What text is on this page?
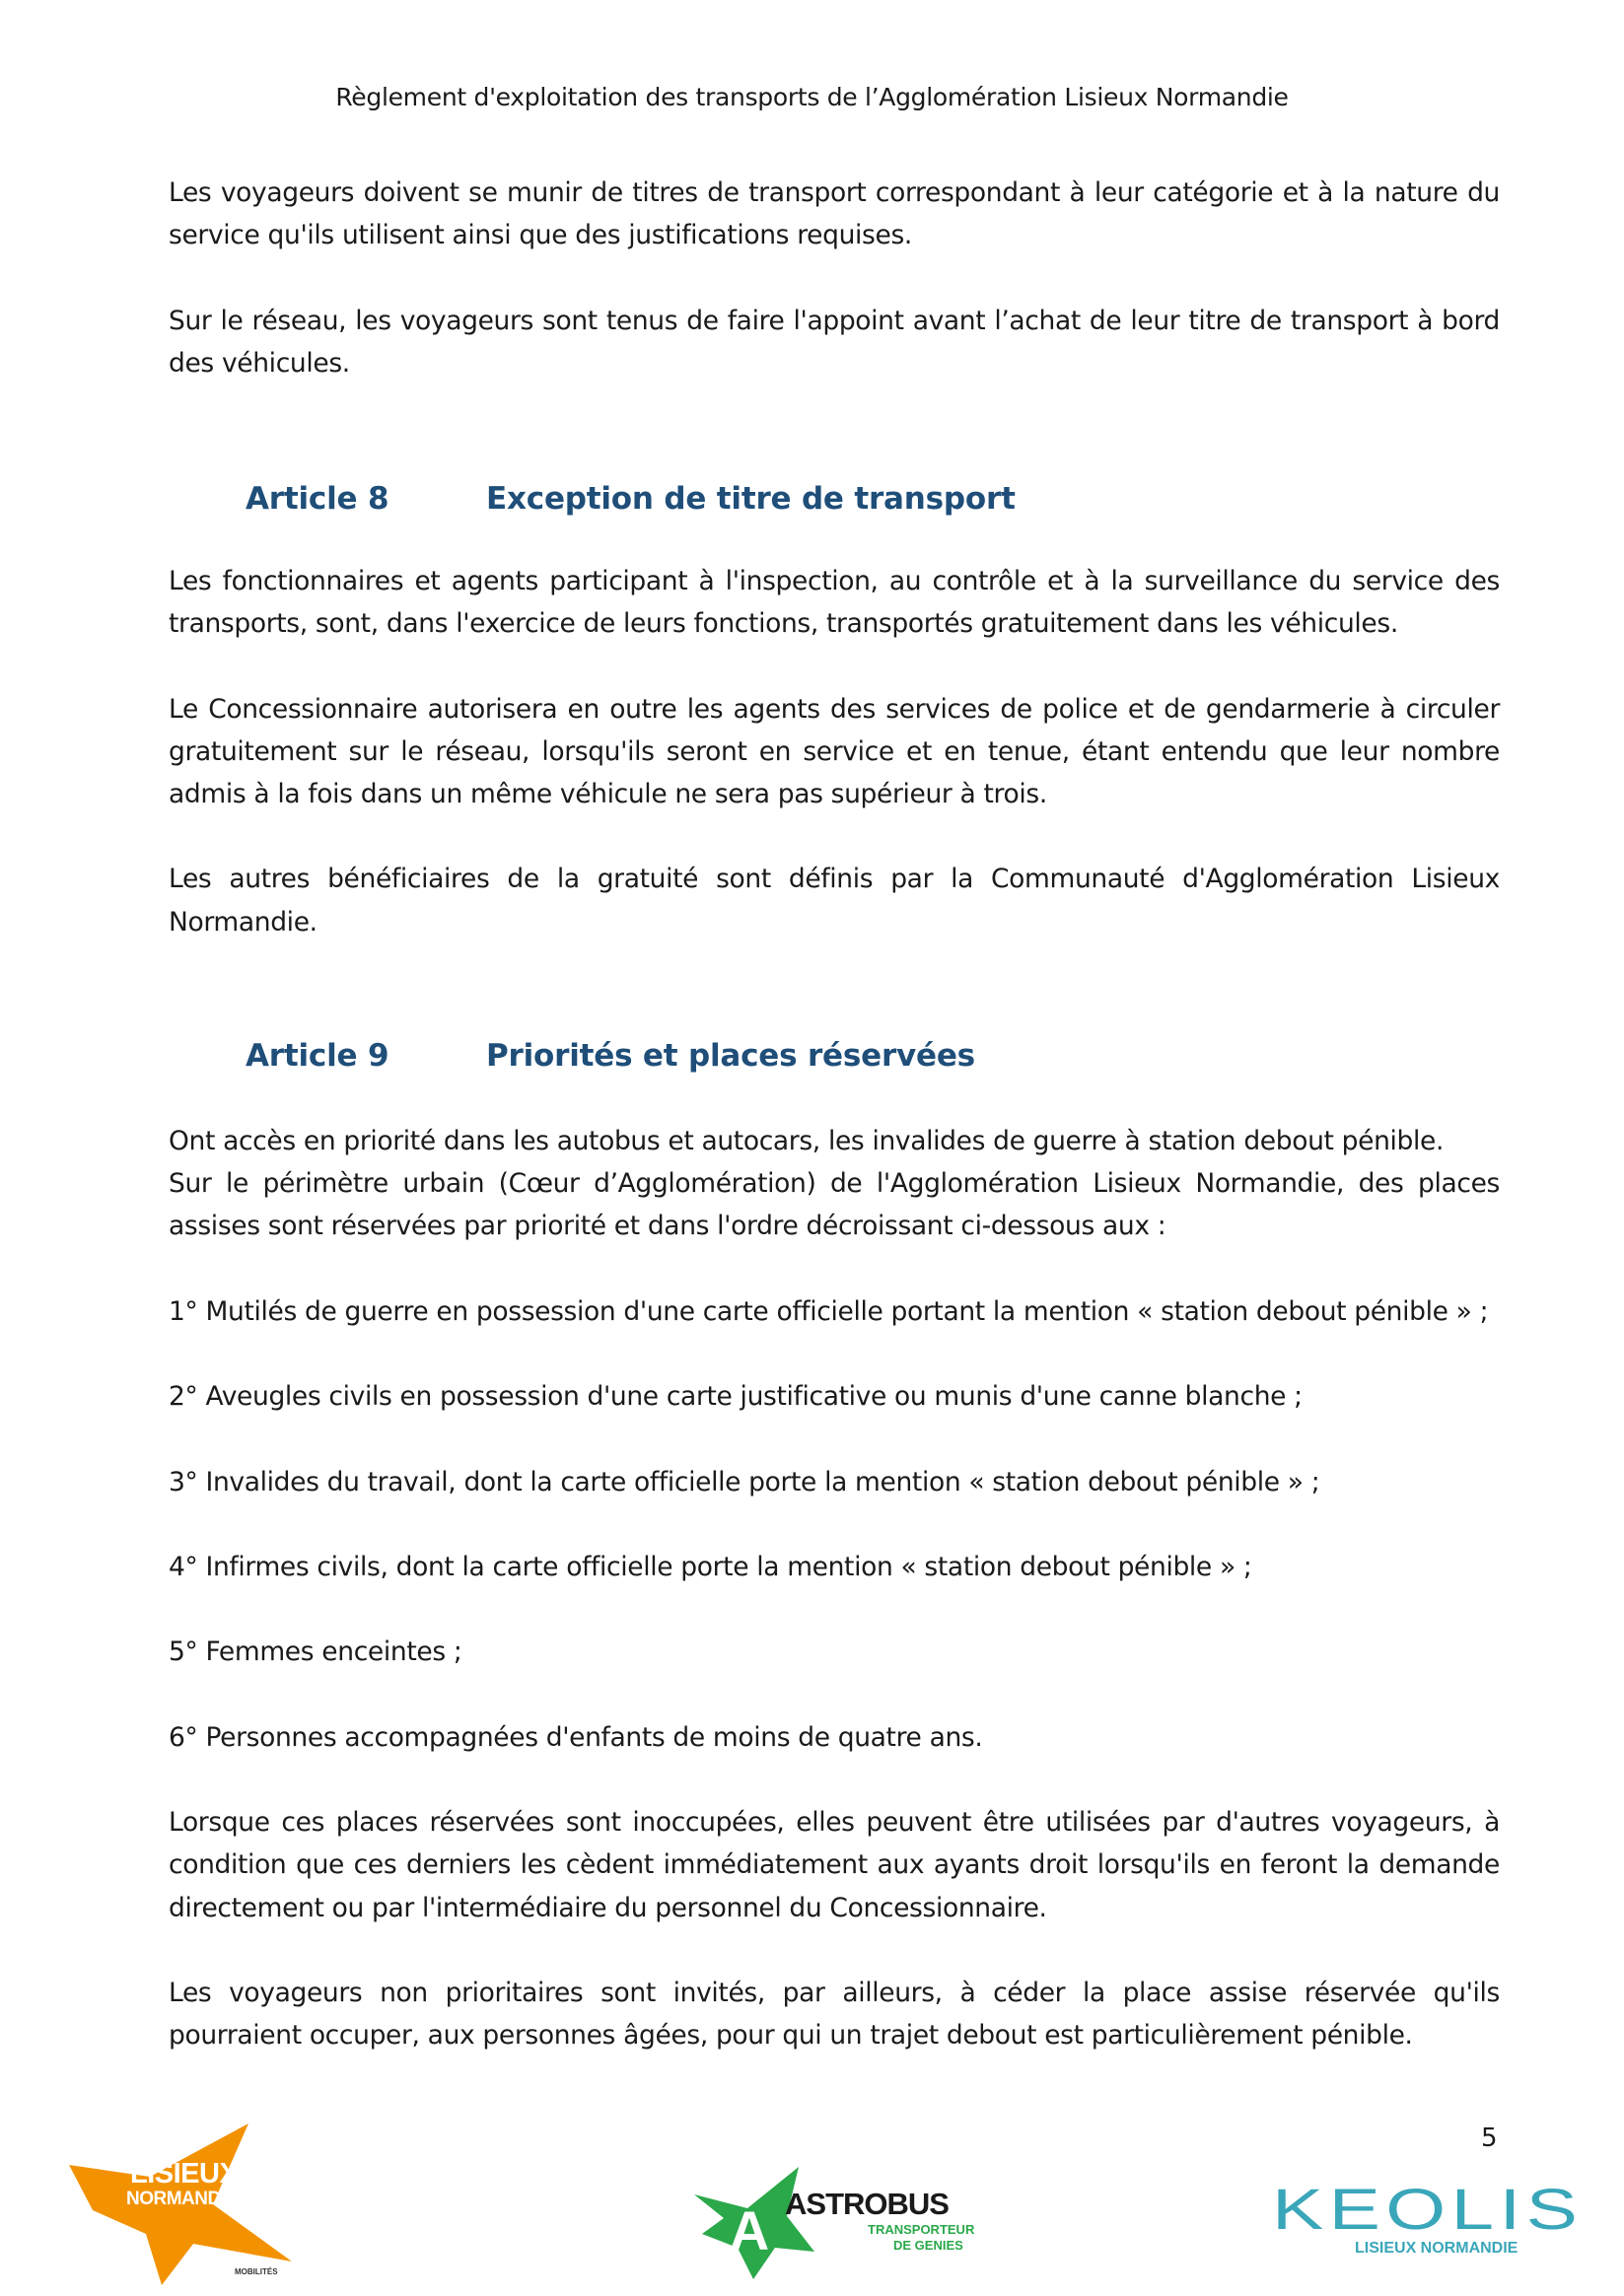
Règlement d'exploitation des transports de l’Agglomération Lisieux Normandie

Les voyageurs doivent se munir de titres de transport correspondant à leur catégorie et à la nature du service qu'ils utilisent ainsi que des justifications requises.

Sur le réseau, les voyageurs sont tenus de faire l'appoint avant l’achat de leur titre de transport à bord des véhicules.

Article 8	Exception de titre de transport

Les fonctionnaires et agents participant à l'inspection, au contrôle et à la surveillance du service des transports, sont, dans l'exercice de leurs fonctions, transportés gratuitement dans les véhicules.

Le Concessionnaire autorisera en outre les agents des services de police et de gendarmerie à circuler gratuitement sur le réseau, lorsqu'ils seront en service et en tenue, étant entendu que leur nombre admis à la fois dans un même véhicule ne sera pas supérieur à trois.

Les autres bénéficiaires de la gratuité sont définis par la Communauté d'Agglomération Lisieux Normandie.

Article 9	Priorités et places réservées

Ont accès en priorité dans les autobus et autocars, les invalides de guerre à station debout pénible.

Sur le périmètre urbain (Cœur d’Agglomération) de l'Agglomération Lisieux Normandie, des places assises sont réservées par priorité et dans l'ordre décroissant ci-dessous aux :

1° Mutilés de guerre en possession d'une carte officielle portant la mention « station debout pénible » ;

2° Aveugles civils en possession d'une carte justificative ou munis d'une canne blanche ;

3° Invalides du travail, dont la carte officielle porte la mention « station debout pénible » ;

4° Infirmes civils, dont la carte officielle porte la mention « station debout pénible » ;

5° Femmes enceintes ;

6° Personnes accompagnées d'enfants de moins de quatre ans.

Lorsque ces places réservées sont inoccupées, elles peuvent être utilisées par d'autres voyageurs, à condition que ces derniers les cèdent immédiatement aux ayants droit lorsqu'ils en feront la demande directement ou par l'intermédiaire du personnel du Concessionnaire.

Les voyageurs non prioritaires sont invités, par ailleurs, à céder la place assise réservée qu'ils pourraient occuper, aux personnes âgées, pour qui un trajet debout est particulièrement pénible.

5
LISIEUX
NORMANDIE
MOBILITÉS
A ASTROBUS
TRANSPORTEUR
DE GENIES
KEOLIS
LISIEUX NORMANDIE
